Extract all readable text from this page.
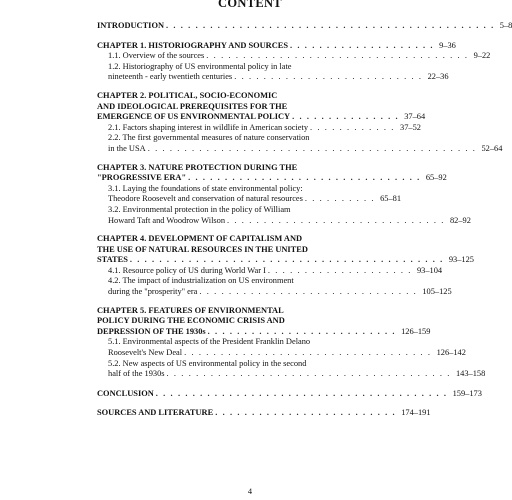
CONTENT
INTRODUCTION . . . . . . . . . . . . . . . . . . . . . . . . . . . . . . . . . . . . . . . . . . . . . 5–8
CHAPTER 1. HISTORIOGRAPHY AND SOURCES . . . . . . . . . . . . . . . . . . . . 9–36
1.1. Overview of the sources . . . . . . . . . . . . . . . . . . . . . . . . . . . . . . . . . . . . 9–22
1.2. Historiography of US environmental policy in late
nineteenth - early twentieth centuries . . . . . . . . . . . . . . . . . . . . . . . . . . 22–36
CHAPTER 2. POLITICAL, SOCIO-ECONOMIC
AND IDEOLOGICAL PREREQUISITES FOR THE
EMERGENCE OF US ENVIRONMENTAL POLICY . . . . . . . . . . . . . . . 37–64
2.1. Factors shaping interest in wildlife in American society . . . . . . . . . . . . 37–52
2.2. The first governmental measures of nature conservation
in the USA . . . . . . . . . . . . . . . . . . . . . . . . . . . . . . . . . . . . . . . . . . . . . 52–64
CHAPTER 3. NATURE PROTECTION DURING THE
"PROGRESSIVE ERA" . . . . . . . . . . . . . . . . . . . . . . . . . . . . . . . . 65–92
3.1. Laying the foundations of state environmental policy:
Theodore Roosevelt and conservation of natural resources . . . . . . . . . . 65–81
3.2. Environmental protection in the policy of William
Howard Taft and Woodrow Wilson . . . . . . . . . . . . . . . . . . . . . . . . . . . . . . 82–92
CHAPTER 4. DEVELOPMENT OF CAPITALISM AND
THE USE OF NATURAL RESOURCES IN THE UNITED
STATES . . . . . . . . . . . . . . . . . . . . . . . . . . . . . . . . . . . . . . . . . . . 93–125
4.1. Resource policy of US during World War I . . . . . . . . . . . . . . . . . . . . 93–104
4.2. The impact of industrialization on US environment
during the "prosperity" era . . . . . . . . . . . . . . . . . . . . . . . . . . . . . . 105–125
CHAPTER 5. FEATURES OF ENVIRONMENTAL
POLICY DURING THE ECONOMIC CRISIS AND
DEPRESSION OF THE 1930s . . . . . . . . . . . . . . . . . . . . . . . . . . 126–159
5.1. Environmental aspects of the President Franklin Delano
Roosevelt's New Deal . . . . . . . . . . . . . . . . . . . . . . . . . . . . . . . . . . 126–142
5.2. New aspects of US environmental policy in the second
half of the 1930s . . . . . . . . . . . . . . . . . . . . . . . . . . . . . . . . . . . . . . . 143–158
CONCLUSION . . . . . . . . . . . . . . . . . . . . . . . . . . . . . . . . . . . . . . . . 159–173
SOURCES AND LITERATURE . . . . . . . . . . . . . . . . . . . . . . . . . 174–191
4
